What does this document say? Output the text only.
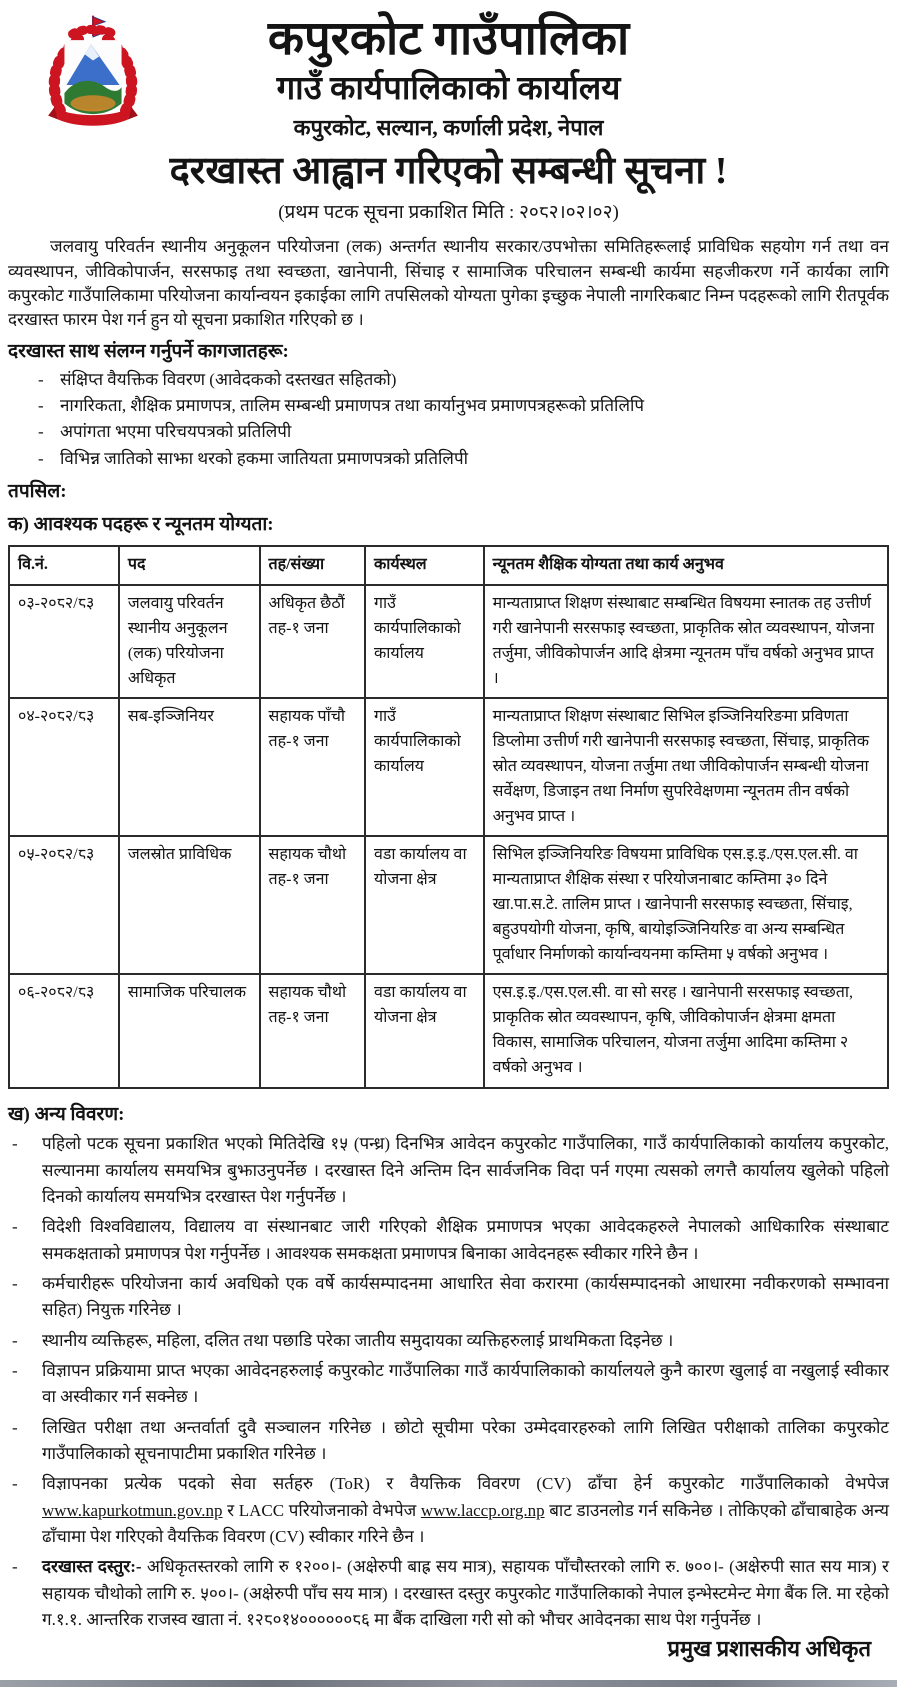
कपुरकोट गाउँपालिका
गाउँ कार्यपालिकाको कार्यालय
कपुरकोट, सल्यान, कर्णाली प्रदेश, नेपाल
दरखास्त आह्वान गरिएको सम्बन्धी सूचना !
(प्रथम पटक सूचना प्रकाशित मिति : २०८२।०२।०२)

जलवायु परिवर्तन स्थानीय अनुकूलन परियोजना (लक) अन्तर्गत स्थानीय सरकार/उपभोक्ता समितिहरूलाई प्राविधिक सहयोग गर्न तथा वन व्यवस्थापन, जीविकोपार्जन, सरसफाइ तथा स्वच्छता, खानेपानी, सिंचाइ र सामाजिक परिचालन सम्बन्धी कार्यमा सहजीकरण गर्ने कार्यका लागि कपुरकोट गाउँपालिकामा परियोजना कार्यान्वयन इकाईका लागि तपसिलको योग्यता पुगेका इच्छुक नेपाली नागरिकबाट निम्न पदहरूको लागि रीतपूर्वक दरखास्त फारम पेश गर्न हुन यो सूचना प्रकाशित गरिएको छ ।

दरखास्त साथ संलग्न गर्नुपर्ने कागजातहरू:
- संक्षिप्त वैयक्तिक विवरण (आवेदकको दस्तखत सहितको)
- नागरिकता, शैक्षिक प्रमाणपत्र, तालिम सम्बन्धी प्रमाणपत्र तथा कार्यानुभव प्रमाणपत्रहरूको प्रतिलिपि
- अपांगता भएमा परिचयपत्रको प्रतिलिपी
- विभिन्न जातिको साझा थरको हकमा जातियता प्रमाणपत्रको प्रतिलिपी
तपसिल:
क) आवश्यक पदहरू र न्यूनतम योग्यता:
वि.नं.	पद	तह/संख्या	कार्यस्थल	न्यूनतम शैक्षिक योग्यता तथा कार्य अनुभव
०३-२०८२/८३	जलवायु परिवर्तन स्थानीय अनुकूलन (लक) परियोजना अधिकृत	अधिकृत छैठौं तह-१ जना	गाउँ कार्यपालिकाको कार्यालय	मान्यताप्राप्त शिक्षण संस्थाबाट सम्बन्धित विषयमा स्नातक तह उत्तीर्ण गरी खानेपानी सरसफाइ स्वच्छता, प्राकृतिक स्रोत व्यवस्थापन, योजना तर्जुमा, जीविकोपार्जन आदि क्षेत्रमा न्यूनतम पाँच वर्षको अनुभव प्राप्त ।
०४-२०८२/८३	सब-इञ्जिनियर	सहायक पाँचौ तह-१ जना	गाउँ कार्यपालिकाको कार्यालय	मान्यताप्राप्त शिक्षण संस्थाबाट सिभिल इञ्जिनियरिङमा प्रविणता डिप्लोमा उत्तीर्ण गरी खानेपानी सरसफाइ स्वच्छता, सिंचाइ, प्राकृतिक स्रोत व्यवस्थापन, योजना तर्जुमा तथा जीविकोपार्जन सम्बन्धी योजना सर्वेक्षण, डिजाइन तथा निर्माण सुपरिवेक्षणमा न्यूनतम तीन वर्षको अनुभव प्राप्त ।
०५-२०८२/८३	जलस्रोत प्राविधिक	सहायक चौथो तह-१ जना	वडा कार्यालय वा योजना क्षेत्र	सिभिल इञ्जिनियरिङ विषयमा प्राविधिक एस.इ.इ./एस.एल.सी. वा मान्यताप्राप्त शैक्षिक संस्था र परियोजनाबाट कम्तिमा ३० दिने खा.पा.स.टे. तालिम प्राप्त । खानेपानी सरसफाइ स्वच्छता, सिंचाइ, बहुउपयोगी योजना, कृषि, बायोइञ्जिनियरिङ वा अन्य सम्बन्धित पूर्वाधार निर्माणको कार्यान्वयनमा कम्तिमा ५ वर्षको अनुभव ।
०६-२०८२/८३	सामाजिक परिचालक	सहायक चौथो तह-१ जना	वडा कार्यालय वा योजना क्षेत्र	एस.इ.इ./एस.एल.सी. वा सो सरह । खानेपानी सरसफाइ स्वच्छता, प्राकृतिक स्रोत व्यवस्थापन, कृषि, जीविकोपार्जन क्षेत्रमा क्षमता विकास, सामाजिक परिचालन, योजना तर्जुमा आदिमा कम्तिमा २ वर्षको अनुभव ।
ख) अन्य विवरण:
-	पहिलो पटक सूचना प्रकाशित भएको मितिदेखि १५ (पन्ध्र) दिनभित्र आवेदन कपुरकोट गाउँपालिका, गाउँ कार्यपालिकाको कार्यालय कपुरकोट, सल्यानमा कार्यालय समयभित्र बुझाउनुपर्नेछ । दरखास्त दिने अन्तिम दिन सार्वजनिक विदा पर्न गएमा त्यसको लगत्तै कार्यालय खुलेको पहिलो दिनको कार्यालय समयभित्र दरखास्त पेश गर्नुपर्नेछ ।
-	विदेशी विश्वविद्यालय, विद्यालय वा संस्थानबाट जारी गरिएको शैक्षिक प्रमाणपत्र भएका आवेदकहरुले नेपालको आधिकारिक संस्थाबाट समकक्षताको प्रमाणपत्र पेश गर्नुपर्नेछ । आवश्यक समकक्षता प्रमाणपत्र बिनाका आवेदनहरू स्वीकार गरिने छैन ।
-	कर्मचारीहरू परियोजना कार्य अवधिको एक वर्षे कार्यसम्पादनमा आधारित सेवा करारमा (कार्यसम्पादनको आधारमा नवीकरणको सम्भावना सहित) नियुक्त गरिनेछ ।
-	स्थानीय व्यक्तिहरू, महिला, दलित तथा पछाडि परेका जातीय समुदायका व्यक्तिहरुलाई प्राथमिकता दिइनेछ ।
-	विज्ञापन प्रक्रियामा प्राप्त भएका आवेदनहरुलाई कपुरकोट गाउँपालिका गाउँ कार्यपालिकाको कार्यालयले कुनै कारण खुलाई वा नखुलाई स्वीकार वा अस्वीकार गर्न सक्नेछ ।
-	लिखित परीक्षा तथा अन्तर्वार्ता दुवै सञ्चालन गरिनेछ । छोटो सूचीमा परेका उम्मेदवारहरुको लागि लिखित परीक्षाको तालिका कपुरकोट गाउँपालिकाको सूचनापाटीमा प्रकाशित गरिनेछ ।
-	विज्ञापनका प्रत्येक पदको सेवा सर्तहरु (ToR) र वैयक्तिक विवरण (CV) ढाँचा हेर्न कपुरकोट गाउँपालिकाको वेभपेज www.kapurkotmun.gov.np र LACC परियोजनाको वेभपेज www.laccp.org.np बाट डाउनलोड गर्न सकिनेछ । तोकिएको ढाँचाबाहेक अन्य ढाँचामा पेश गरिएको वैयक्तिक विवरण (CV) स्वीकार गरिने छैन ।
-	दरखास्त दस्तुर:- अधिकृतस्तरको लागि रु १२००।- (अक्षेरुपी बाह्र सय मात्र), सहायक पाँचौस्तरको लागि रु. ७००।- (अक्षेरुपी सात सय मात्र) र सहायक चौथोको लागि रु. ५००।- (अक्षेरुपी पाँच सय मात्र) । दरखास्त दस्तुर कपुरकोट गाउँपालिकाको नेपाल इन्भेस्टमेन्ट मेगा बैंक लि. मा रहेको ग.१.१. आन्तरिक राजस्व खाता नं. १२८०१४००००००८६ मा बैंक दाखिला गरी सो को भौचर आवेदनका साथ पेश गर्नुपर्नेछ ।
प्रमुख प्रशासकीय अधिकृत
